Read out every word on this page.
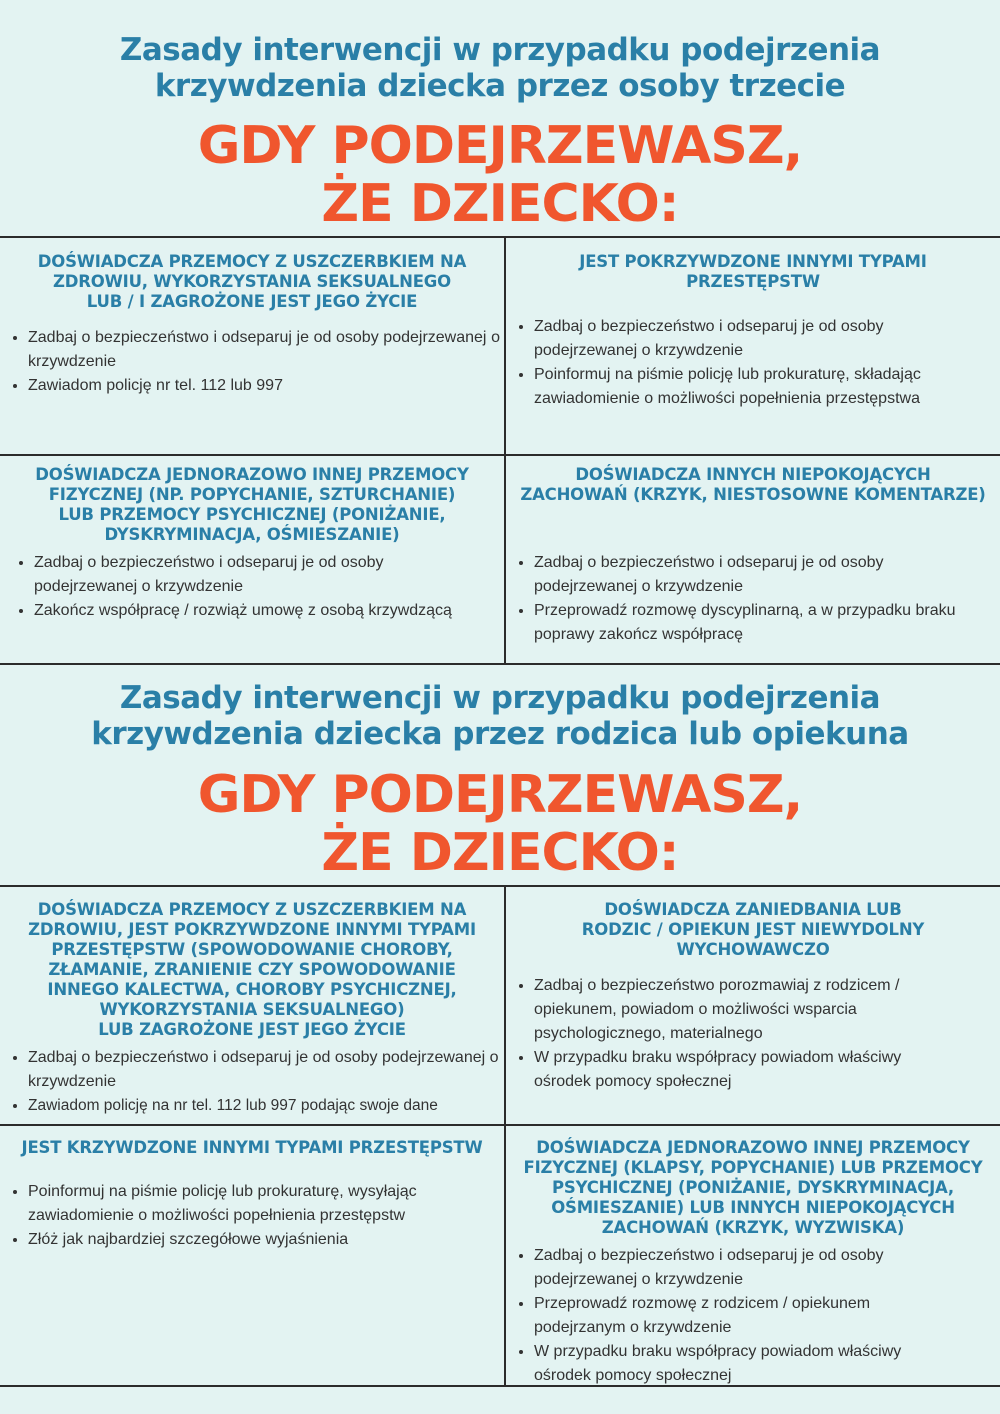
Zasady interwencji w przypadku podejrzenia
krzywdzenia dziecka przez osoby trzecie
GDY PODEJRZEWASZ,
ŻE DZIECKO:
DOŚWIADCZA PRZEMOCY Z USZCZERBKIEM NA
ZDROWIU, WYKORZYSTANIA SEKSUALNEGO
LUB / I ZAGROŻONE JEST JEGO ŻYCIE
• Zadbaj o bezpieczeństwo i odseparuj je od osoby podejrzewanej o krzywdzenie
• Zawiadom policję nr tel. 112 lub 997
JEST POKRZYWDZONE INNYMI TYPAMI
PRZESTĘPSTW
• Zadbaj o bezpieczeństwo i odseparuj je od osoby podejrzewanej o krzywdzenie
• Poinformuj na piśmie policję lub prokuraturę, składając zawiadomienie o możliwości popełnienia przestępstwa
DOŚWIADCZA JEDNORAZOWO INNEJ PRZEMOCY
FIZYCZNEJ (NP. POPYCHANIE, SZTURCHANIE)
LUB PRZEMOCY PSYCHICZNEJ (PONIŻANIE,
DYSKRYMINACJA, OŚMIESZANIE)
• Zadbaj o bezpieczeństwo i odseparuj je od osoby podejrzewanej o krzywdzenie
• Zakończ współpracę / rozwiąż umowę z osobą krzywdzącą
DOŚWIADCZA INNYCH NIEPOKOJĄCYCH
ZACHOWAŃ (KRZYK, NIESTOSOWNE KOMENTARZE)
• Zadbaj o bezpieczeństwo i odseparuj je od osoby podejrzewanej o krzywdzenie
• Przeprowadź rozmowę dyscyplinarną, a w przypadku braku poprawy zakończ współpracę
Zasady interwencji w przypadku podejrzenia
krzywdzenia dziecka przez rodzica lub opiekuna
GDY PODEJRZEWASZ,
ŻE DZIECKO:
DOŚWIADCZA PRZEMOCY Z USZCZERBKIEM NA
ZDROWIU, JEST POKRZYWDZONE INNYMI TYPAMI
PRZESTĘPSTW (SPOWODOWANIE CHOROBY,
ZŁAMANIE, ZRANIENIE CZY SPOWODOWANIE
INNEGO KALECTWA, CHOROBY PSYCHICZNEJ,
WYKORZYSTANIA SEKSUALNEGO)
LUB ZAGROŻONE JEST JEGO ŻYCIE
• Zadbaj o bezpieczeństwo i odseparuj je od osoby podejrzewanej o krzywdzenie
• Zawiadom policję na nr tel. 112 lub 997 podając swoje dane
DOŚWIADCZA ZANIEDBANIA LUB
RODZIC / OPIEKUN JEST NIEWYDOLNY
WYCHOWAWCZO
• Zadbaj o bezpieczeństwo porozmawiaj z rodzicem / opiekunem, powiadom o możliwości wsparcia psychologicznego, materialnego
• W przypadku braku współpracy powiadom właściwy ośrodek pomocy społecznej
JEST KRZYWDZONE INNYMI TYPAMI PRZESTĘPSTW
• Poinformuj na piśmie policję lub prokuraturę, wysyłając zawiadomienie o możliwości popełnienia przestępstw
• Złóż jak najbardziej szczegółowe wyjaśnienia
DOŚWIADCZA JEDNORAZOWO INNEJ PRZEMOCY
FIZYCZNEJ (KLAPSY, POPYCHANIE) LUB PRZEMOCY
PSYCHICZNEJ (PONIŻANIE, DYSKRYMINACJA,
OŚMIESZANIE) LUB INNYCH NIEPOKOJĄCYCH
ZACHOWAŃ (KRZYK, WYZWISKA)
• Zadbaj o bezpieczeństwo i odseparuj je od osoby podejrzewanej o krzywdzenie
• Przeprowadź rozmowę z rodzicem / opiekunem podejrzanym o krzywdzenie
• W przypadku braku współpracy powiadom właściwy ośrodek pomocy społecznej
